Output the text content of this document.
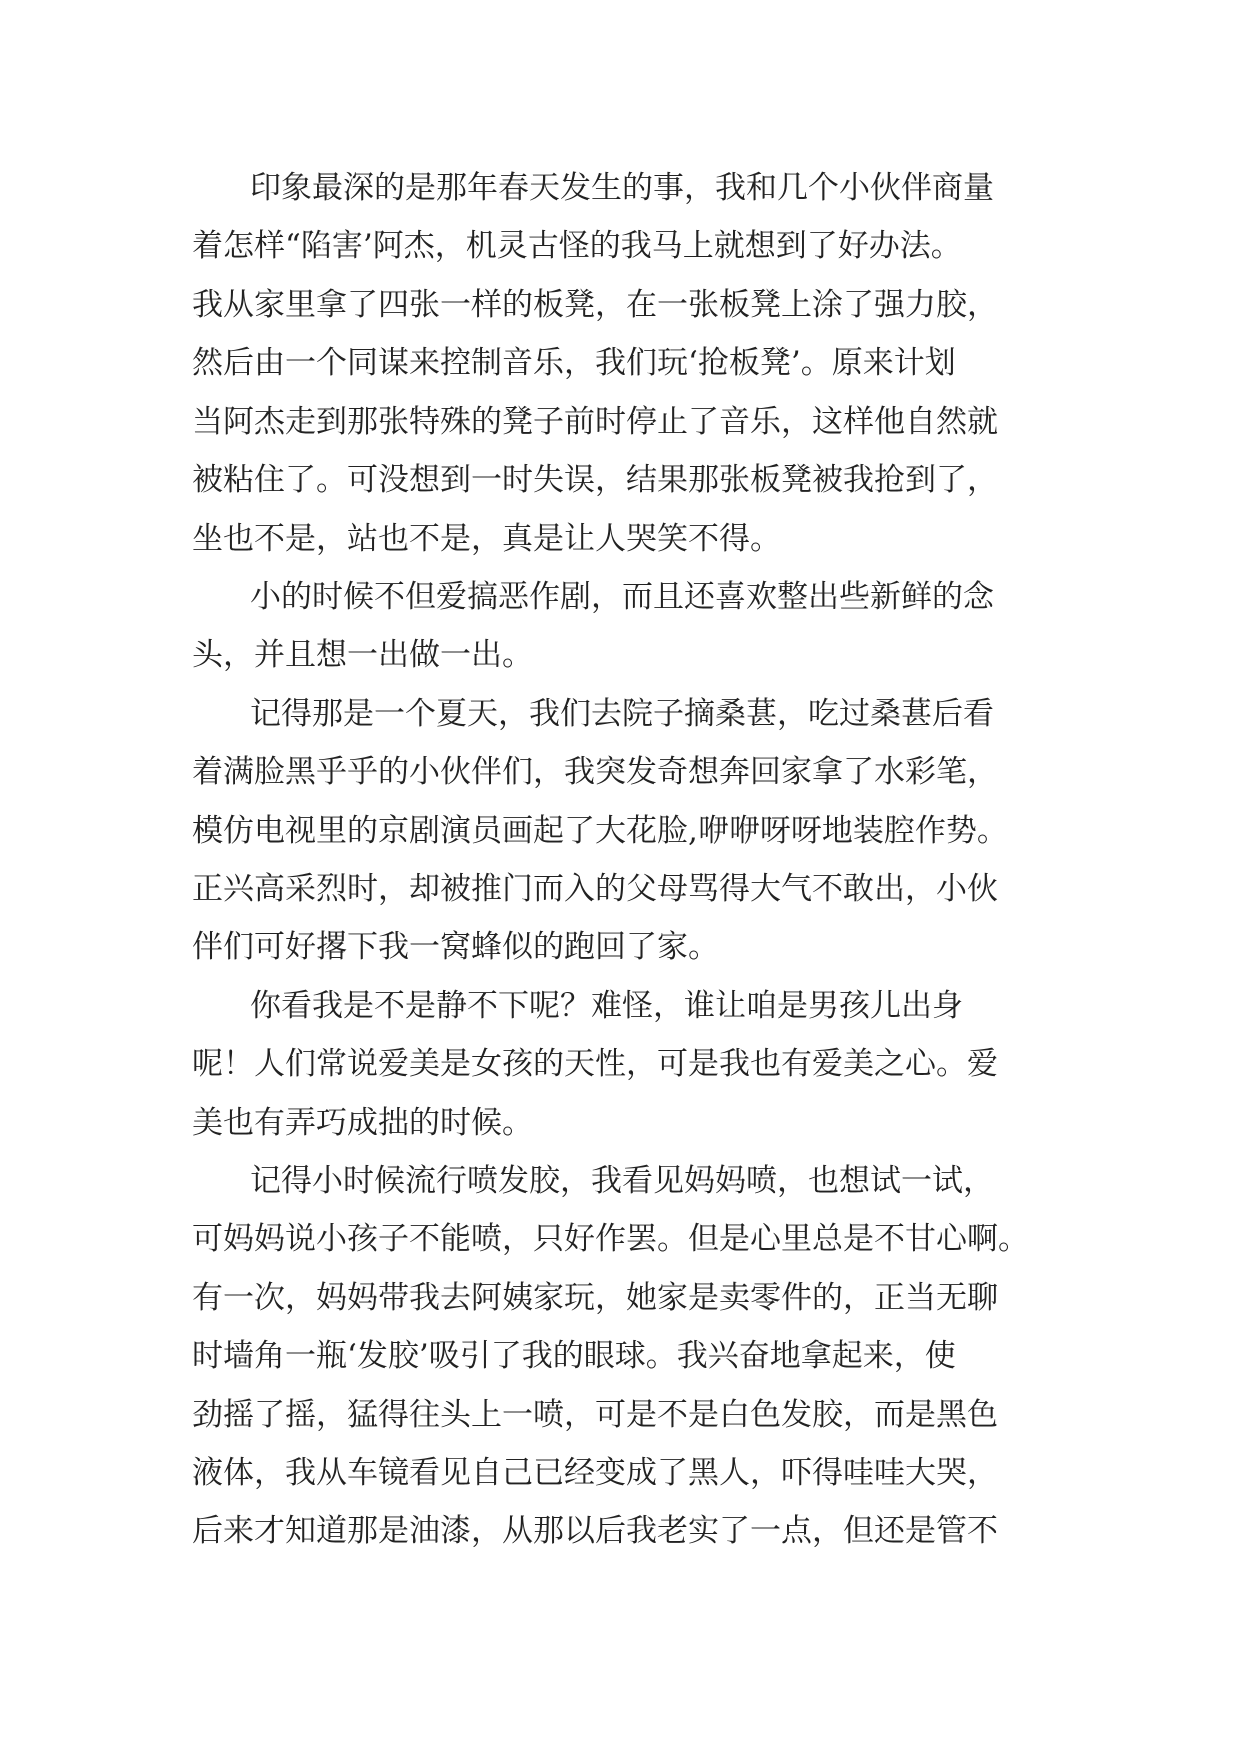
印象最深的是那年春天发生的事，我和几个小伙伴商量
着怎样“陷害’阿杰，机灵古怪的我马上就想到了好办法。
我从家里拿了四张一样的板凳，在一张板凳上涂了强力胶，
然后由一个同谋来控制音乐，我们玩‘抢板凳’。原来计划
当阿杰走到那张特殊的凳子前时停止了音乐，这样他自然就
被粘住了。可没想到一时失误，结果那张板凳被我抢到了，
坐也不是，站也不是，真是让人哭笑不得。
小的时候不但爱搞恶作剧，而且还喜欢整出些新鲜的念
头，并且想一出做一出。
记得那是一个夏天，我们去院子摘桑葚，吃过桑葚后看
着满脸黑乎乎的小伙伴们，我突发奇想奔回家拿了水彩笔，
模仿电视里的京剧演员画起了大花脸,咿咿呀呀地装腔作势。
正兴高采烈时，却被推门而入的父母骂得大气不敢出，小伙
伴们可好撂下我一窝蜂似的跑回了家。
你看我是不是静不下呢？难怪，谁让咱是男孩儿出身
呢！人们常说爱美是女孩的天性，可是我也有爱美之心。爱
美也有弄巧成拙的时候。
记得小时候流行喷发胶，我看见妈妈喷，也想试一试，
可妈妈说小孩子不能喷，只好作罢。但是心里总是不甘心啊。
有一次，妈妈带我去阿姨家玩，她家是卖零件的，正当无聊
时墙角一瓶‘发胶’吸引了我的眼球。我兴奋地拿起来，使
劲摇了摇，猛得往头上一喷，可是不是白色发胶，而是黑色
液体，我从车镜看见自己已经变成了黑人，吓得哇哇大哭，
后来才知道那是油漆，从那以后我老实了一点，但还是管不
